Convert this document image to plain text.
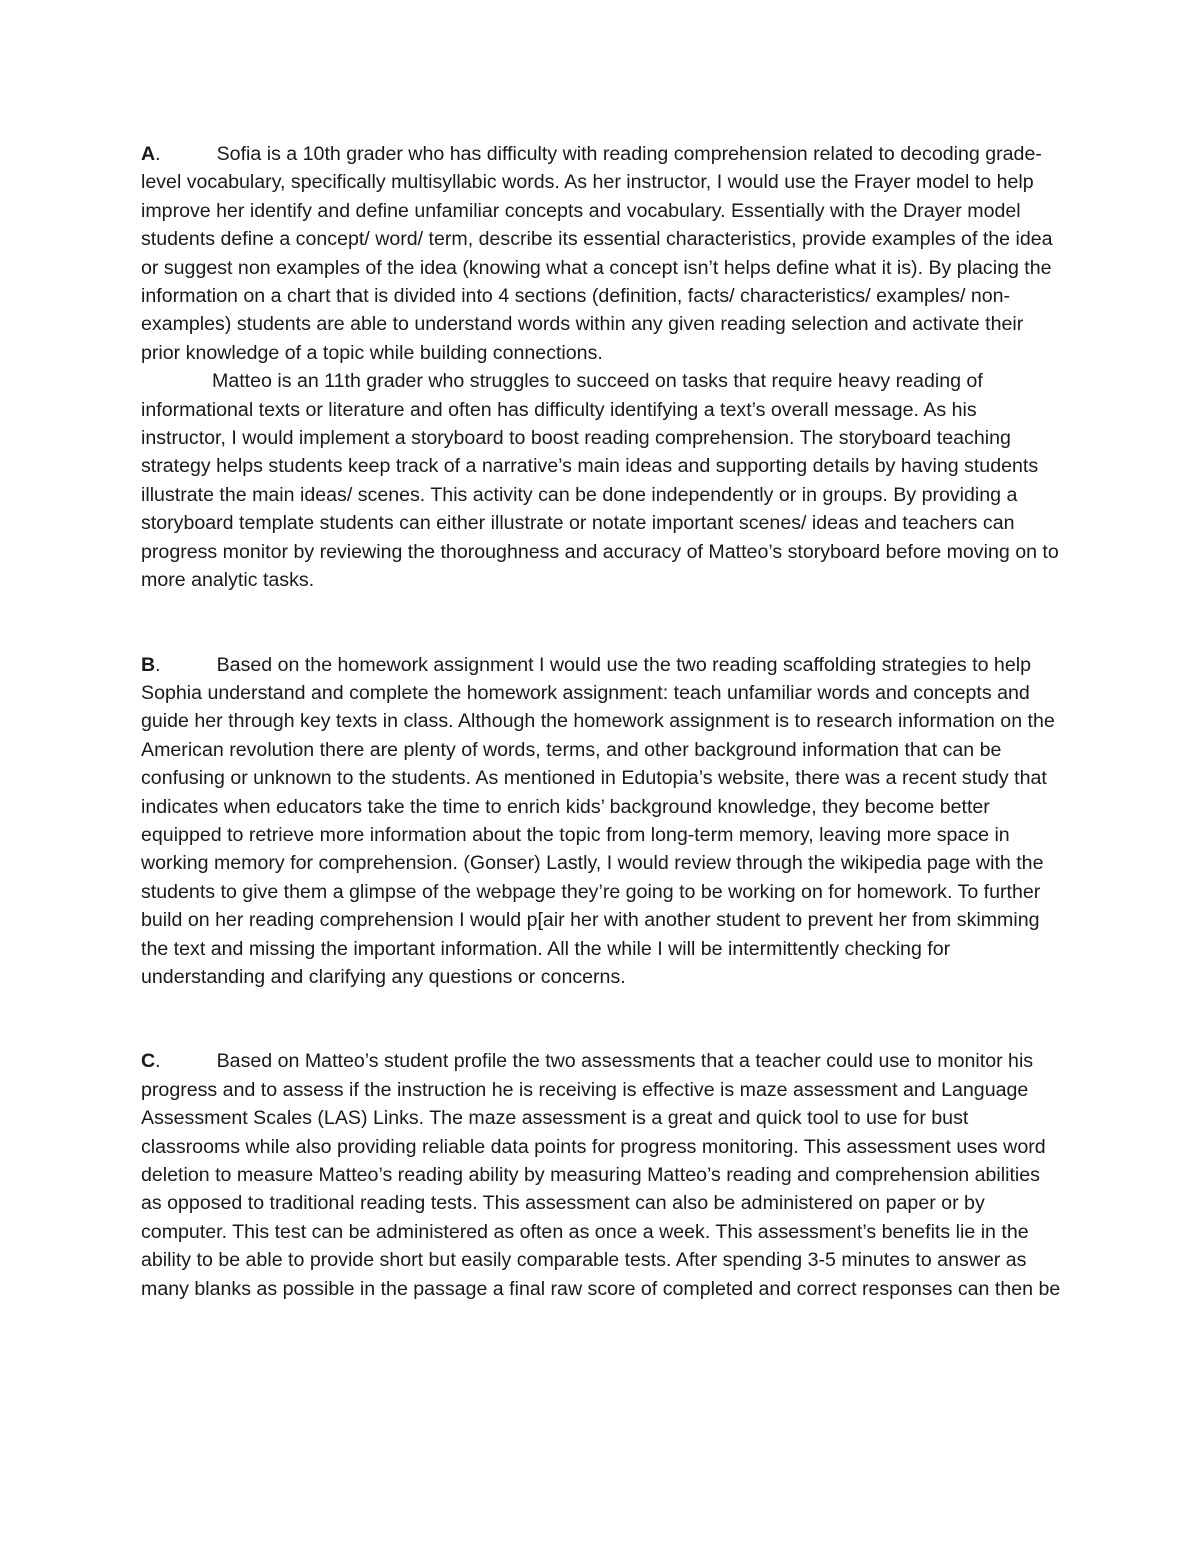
A.	Sofia is a 10th grader who has difficulty with reading comprehension related to decoding grade-level vocabulary, specifically multisyllabic words. As her instructor, I would use the Frayer model to help improve her identify and define unfamiliar concepts and vocabulary. Essentially with the Drayer model students define a concept/ word/ term, describe its essential characteristics, provide examples of the idea or suggest non examples of the idea (knowing what a concept isn’t helps define what it is). By placing the information on a chart that is divided into 4 sections (definition, facts/ characteristics/ examples/ non-examples) students are able to understand words within any given reading selection and activate their prior knowledge of a topic while building connections.

Matteo is an 11th grader who struggles to succeed on tasks that require heavy reading of informational texts or literature and often has difficulty identifying a text’s overall message. As his instructor, I would implement a storyboard to boost reading comprehension. The storyboard teaching strategy helps students keep track of a narrative’s main ideas and supporting details by having students illustrate the main ideas/ scenes. This activity can be done independently or in groups. By providing a storyboard template students can either illustrate or notate important scenes/ ideas and teachers can progress monitor by reviewing the thoroughness and accuracy of Matteo’s storyboard before moving on to more analytic tasks.

B.	Based on the homework assignment I would use the two reading scaffolding strategies to help Sophia understand and complete the homework assignment: teach unfamiliar words and concepts and guide her through key texts in class. Although the homework assignment is to research information on the American revolution there are plenty of words, terms, and other background information that can be confusing or unknown to the students. As mentioned in Edutopia’s website, there was a recent study that indicates when educators take the time to enrich kids’ background knowledge, they become better equipped to retrieve more information about the topic from long-term memory, leaving more space in working memory for comprehension. (Gonser) Lastly, I would review through the wikipedia page with the students to give them a glimpse of the webpage they’re going to be working on for homework. To further build on her reading comprehension I would p[air her with another student to prevent her from skimming the text and missing the important information. All the while I will be intermittently checking for understanding and clarifying any questions or concerns.

C.	Based on Matteo’s student profile the two assessments that a teacher could use to monitor his progress and to assess if the instruction he is receiving is effective is maze assessment and Language Assessment Scales (LAS) Links. The maze assessment is a great and quick tool to use for bust classrooms while also providing reliable data points for progress monitoring. This assessment uses word deletion to measure Matteo’s reading ability by measuring Matteo’s reading and comprehension abilities as opposed to traditional reading tests. This assessment can also be administered on paper or by computer. This test can be administered as often as once a week. This assessment’s benefits lie in the ability to be able to provide short but easily comparable tests. After spending 3-5 minutes to answer as many blanks as possible in the passage a final raw score of completed and correct responses can then be
